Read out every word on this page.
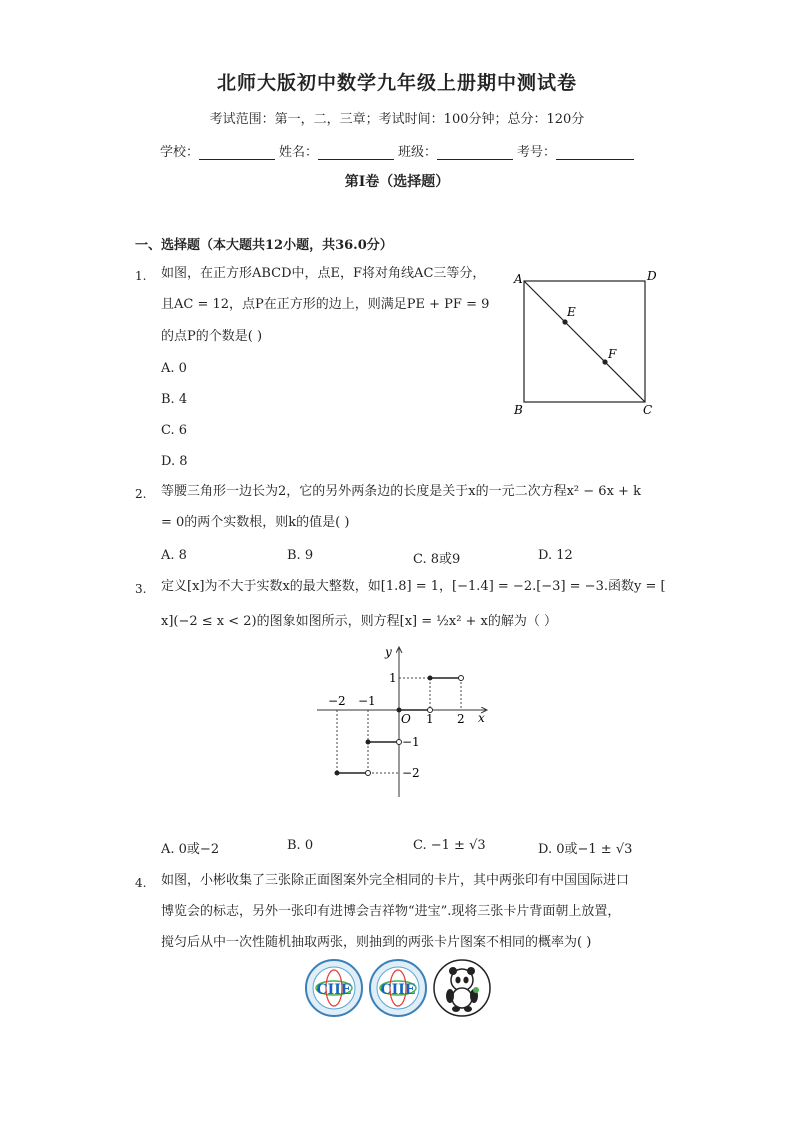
北师大版初中数学九年级上册期中测试卷
考试范围：第一，二，三章；考试时间：100分钟；总分：120分
学校：	姓名：	班级：	考号：
第I卷（选择题）
一、选择题（本大题共12小题，共36.0分）
1. 如图，在正方形ABCD中，点E，F将对角线AC三等分，
且AC = 12，点P在正方形的边上，则满足PE + PF = 9
的点P的个数是( )
A. 0
B. 4
C. 6
D. 8
A	D
B	C
E
F
2. 等腰三角形一边长为2，它的另外两条边的长度是关于x的一元二次方程x² − 6x + k
= 0的两个实数根，则k的值是( )
A. 8	B. 9	C. 8或9	D. 12
3. 定义[x]为不大于实数x的最大整数，如[1.8] = 1，[−1.4] = −2.[−3] = −3.函数y = [
x](−2 ≤ x < 2)的图象如图所示，则方程[x] = ½x² + x的解为（ ）
y
x
O 1 2
−2 −1
1
−1
−2
A. 0或−2	B. 0	C. −1 ± √3	D. 0或−1 ± √3
4. 如图，小彬收集了三张除正面图案外完全相同的卡片，其中两张印有中国国际进口
博览会的标志，另外一张印有进博会吉祥物“进宝”.现将三张卡片背面朝上放置，
搅匀后从中一次性随机抽取两张，则抽到的两张卡片图案不相同的概率为( )
CIIE CIIE
